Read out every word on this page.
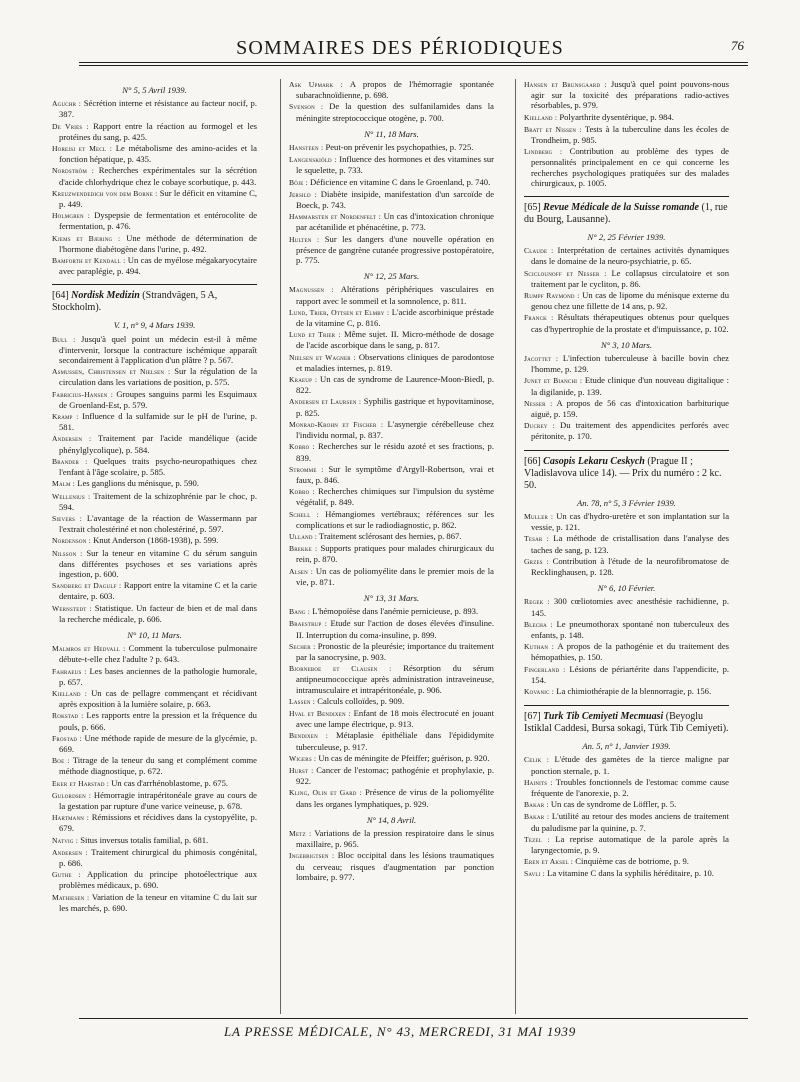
SOMMAIRES DES PÉRIODIQUES	76
N° 5, 5 Avril 1939.
Aguchr : Sécrétion interne et résistance au facteur nocif, p. 387.
De Vries : Rapport entre la réaction au formogel et les protéines du sang, p. 425.
Horejsi et Mecl : Le métabolisme des amino-acides et la fonction hépatique, p. 435.
Nordström : Recherches expérimentales sur la sécrétion d'acide chlorhydrique chez le cobaye scorbutique, p. 443.
Kreuzwendedich von dem Borne : Sur le déficit en vitamine C, p. 449.
Holmgren : Dyspepsie de fermentation et entérocolite de fermentation, p. 476.
Kjems et Bjering : Une méthode de détermination de l'hormone diabétogène dans l'urine, p. 492.
Bamforth et Kendall : Un cas de myélose mégakaryocytaire avec paraplégie, p. 494.
[64] Nordisk Medizin (Strandvägen, 5 A, Stockholm).
V. 1, n° 9, 4 Mars 1939.
Bull : Jusqu'à quel point un médecin est-il à même d'intervenir, lorsque la contracture ischémique apparaît secondairement à l'application d'un plâtre ? p. 567.
Asmussen, Christensen et Nielsen : Sur la régulation de la circulation dans les variations de position, p. 575.
Fabricius-Hansen : Groupes sanguins parmi les Esquimaux de Groenland-Est, p. 579.
Kramp : Influence d la sulfamide sur le pH de l'urine, p. 581.
Andersen : Traitement par l'acide mandélique (acide phénylglycolique), p. 584.
Brander : Quelques traits psycho-neuropathiques chez l'enfant à l'âge scolaire, p. 585.
Malm : Les ganglions du ménisque, p. 590.
Wellenius : Traitement de la schizophrénie par le choc, p. 594.
Sievers : L'avantage de la réaction de Wassermann par l'extrait cholestériné et non cholestériné, p. 597.
Nordenson : Knut Anderson (1868-1938), p. 599.
Nilsson : Sur la teneur en vitamine C du sérum sanguin dans différentes psychoses et ses variations après ingestion, p. 600.
Sandberg et Dagulf : Rapport entre la vitamine C et la carie dentaire, p. 603.
Wernstedt : Statistique. Un facteur de bien et de mal dans la recherche médicale, p. 606.
N° 10, 11 Mars.
Malmros et Hedvall : Comment la tuberculose pulmonaire débute-t-elle chez l'adulte ? p. 643.
Fahraeus : Les bases anciennes de la pathologie humorale, p. 657.
Kielland : Un cas de pellagre commençant et récidivant après exposition à la lumière solaire, p. 663.
Rokstad : Les rapports entre la pression et la fréquence du pouls, p. 666.
Frostad : Une méthode rapide de mesure de la glycémie, p. 669.
Boe : Titrage de la teneur du sang et complément comme méthode diagnostique, p. 672.
Eker et Harstad : Un cas d'arrhénoblastome, p. 675.
Gulordsen : Hémorragie intrapéritonéale grave au cours de la gestation par rupture d'une varice veineuse, p. 678.
Hartmann : Rémissions et récidives dans la cystopyélite, p. 679.
Natvig : Situs inversus totalis familial, p. 681.
Andersen : Traitement chirurgical du phimosis congénital, p. 686.
Guthe : Application du principe photoélectrique aux problèmes médicaux, p. 690.
Mathiesen : Variation de la teneur en vitamine C du lait sur les marchés, p. 690.
Ask Upmark : A propos de l'hémorragie spontanée subarachnoïdienne, p. 698.
Svenson : De la question des sulfanilamides dans la méningite streptococcique otogène, p. 700.
N° 11, 18 Mars.
Hansteen : Peut-on prévenir les psychopathies, p. 725.
Langenskiöld : Influence des hormones et des vitamines sur le squelette, p. 733.
Böje : Déficience en vitamine C dans le Groenland, p. 740.
Jersild : Diabète insipide, manifestation d'un sarcoïde de Boeck, p. 743.
Hammarsten et Nordenfelt : Un cas d'intoxication chronique par acétanilide et phénacétine, p. 773.
Hulten : Sur les dangers d'une nouvelle opération en présence de gangrène cutanée progressive postopératoire, p. 775.
N° 12, 25 Mars.
Magnussen : Altérations périphériques vasculaires en rapport avec le sommeil et la somnolence, p. 811.
Lund, Trier, Ottsen et Elmby : L'acide ascorbinique préstade de la vitamine C, p. 816.
Lund et Trier : Même sujet. II. Micro-méthode de dosage de l'acide ascorbique dans le sang, p. 817.
Nielsen et Wagner : Observations cliniques de parodontose et maladies internes, p. 819.
Kraeup : Un cas de syndrome de Laurence-Moon-Biedl, p. 822.
Andersen et Laursen : Syphilis gastrique et hypovitaminose, p. 825.
Monrad-Krohn et Fischer : L'asynergie cérébelleuse chez l'individu normal, p. 837.
Kobro : Recherches sur le résidu azoté et ses fractions, p. 839.
Stromme : Sur le symptôme d'Argyll-Robertson, vrai et faux, p. 846.
Kobro : Recherches chimiques sur l'impulsion du système végétalif, p. 849.
Schell : Hémangiomes vertébraux; références sur les complications et sur le radiodiagnostic, p. 862.
Ulland : Traitement sclérosant des hernies, p. 867.
Brekke : Supports pratiques pour malades chirurgicaux du rein, p. 870.
Alsen : Un cas de poliomyélite dans le premier mois de la vie, p. 871.
N° 13, 31 Mars.
Bang : L'hémopoïèse dans l'anémie pernicieuse, p. 893.
Braestrup : Etude sur l'action de doses élevées d'insuline. II. Interruption du coma-insuline, p. 899.
Secher : Pronostic de la pleurésie; importance du traitement par la sanocrysine, p. 903.
Bjorneboe et Clausen : Résorption du sérum antipneumococcique après administration intraveineuse, intramusculaire et intrapéritonéale, p. 906.
Lassen : Calculs colloïdes, p. 909.
Hval et Bendixen : Enfant de 18 mois électrocuté en jouant avec une lampe électrique, p. 913.
Bendixen : Métaplasie épithéliale dans l'épididymite tuberculeuse, p. 917.
Wigers : Un cas de méningite de Pfeiffer; guérison, p. 920.
Hurst : Cancer de l'estomac; pathogénie et prophylaxie, p. 922.
Kling, Olin et Gard : Présence de virus de la poliomyélite dans les organes lymphatiques, p. 929.
N° 14, 8 Avril.
Metz : Variations de la pression respiratoire dans le sinus maxillaire, p. 965.
Ingebrigtsen : Bloc occipital dans les lésions traumatiques du cerveau; risques d'augmentation par ponction lombaire, p. 977.
Hansen et Brunsgaard : Jusqu'à quel point pouvons-nous agir sur la toxicité des préparations radio-actives résorbables, p. 979.
Kielland : Polyarthrite dysentérique, p. 984.
Bratt et Nissen : Tests à la tuberculine dans les écoles de Trondheim, p. 985.
Lindberg : Contribution au problème des types de personnalités principalement en ce qui concerne les recherches psychologiques pratiquées sur des malades chirurgicaux, p. 1005.
[65] Revue Médicale de la Suisse romande (1, rue du Bourg, Lausanne).
N° 2, 25 Février 1939.
Claude : Interprétation de certaines activités dynamiques dans le domaine de la neuro-psychiatrie, p. 65.
Sciclounoff et Nesser : Le collapsus circulatoire et son traitement par le cycliton, p. 86.
Rumpf Raymond : Un cas de lipome du ménisque externe du genou chez une fillette de 14 ans, p. 92.
Franck : Résultats thérapeutiques obtenus pour quelques cas d'hypertrophie de la prostate et d'impuissance, p. 102.
N° 3, 10 Mars.
Jacottet : L'infection tuberculeuse à bacille bovin chez l'homme, p. 129.
Junet et Bianchi : Etude clinique d'un nouveau digitalique : la digilanide, p. 139.
Nesser : A propos de 56 cas d'intoxication barbiturique aiguë, p. 159.
Ducrey : Du traitement des appendicites perforés avec péritonite, p. 170.
[66] Casopis Lekaru Ceskych (Prague II ; Vladislavova ulice 14). — Prix du numéro : 2 kc. 50.
An. 78, n° 5, 3 Février 1939.
Muller : Un cas d'hydro-uretère et son implantation sur la vessie, p. 121.
Tesar : La méthode de cristallisation dans l'analyse des taches de sang, p. 123.
Grzes : Contribution à l'étude de la neurofibromatose de Recklinghausen, p. 128.
N° 6, 10 Février.
Regek : 300 cœliotomies avec anesthésie rachidienne, p. 145.
Blecha : Le pneumothorax spontané non tuberculeux des enfants, p. 148.
Kuthan : A propos de la pathogénie et du traitement des hémopathies, p. 150.
Fingerland : Lésions de périartérite dans l'appendicite, p. 154.
Kovanic : La chimiothérapie de la blennorragie, p. 156.
[67] Turk Tib Cemiyeti Mecmuasi (Beyoglu Istiklal Caddesi, Bursa sokagi, Türk Tib Cemiyeti).
An. 5, n° 1, Janvier 1939.
Celik : L'étude des gamètes de la tierce maligne par ponction sternale, p. 1.
Hainits : Troubles fonctionnels de l'estomac comme cause fréquente de l'anorexie, p. 2.
Bakar : Un cas de syndrome de Löffler, p. 5.
Bakar : L'utilité au retour des modes anciens de traitement du paludisme par la quinine, p. 7.
Tezel : La reprise automatique de la parole après la laryngectomie, p. 9.
Eren et Aksel : Cinquième cas de botriome, p. 9.
Savli : La vitamine C dans la syphilis héréditaire, p. 10.
LA PRESSE MÉDICALE, N° 43, MERCREDI, 31 MAI 1939
